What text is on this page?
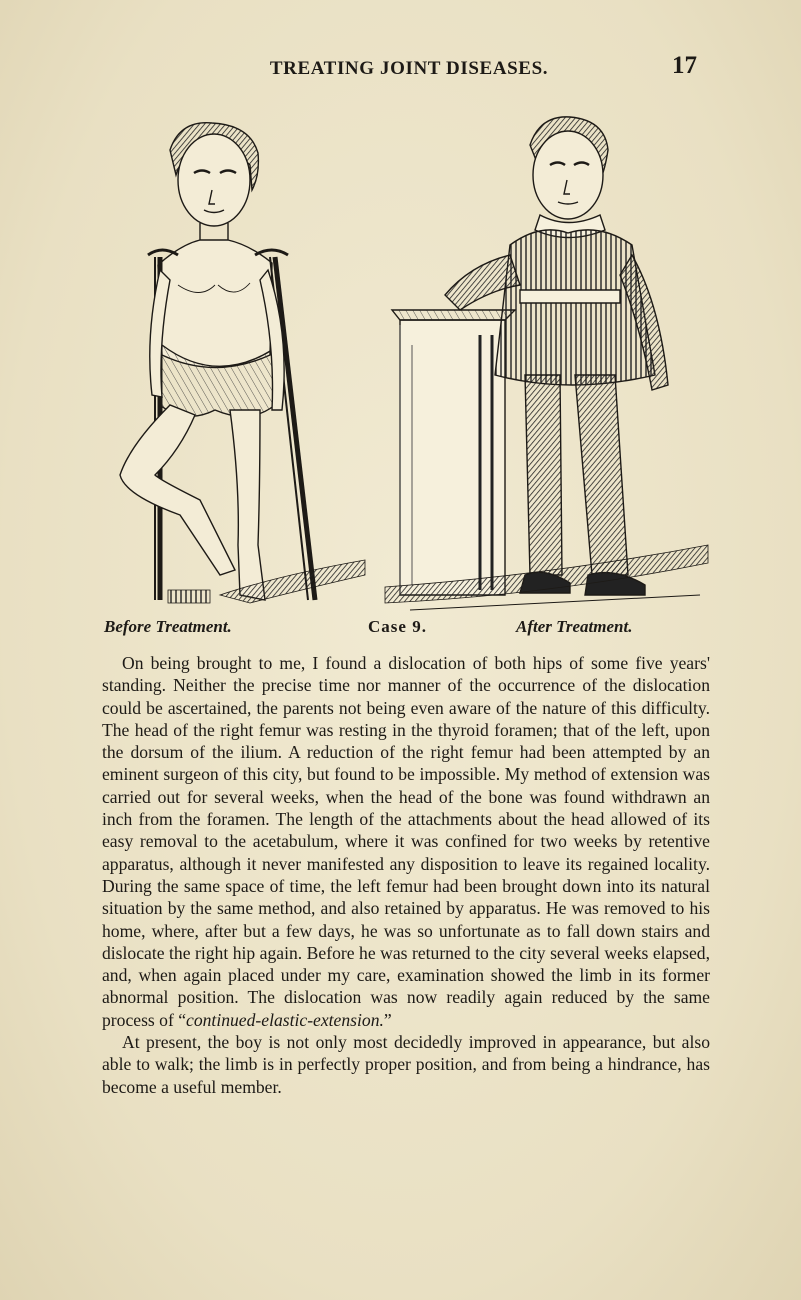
TREATING JOINT DISEASES.	17
Before Treatment.	Case 9.	After Treatment.

On being brought to me, I found a dislocation of both hips of some five years' standing. Neither the precise time nor manner of the occurrence of the dislocation could be ascertained, the parents not being even aware of the nature of this difficulty. The head of the right femur was resting in the thyroid foramen; that of the left, upon the dorsum of the ilium. A reduction of the right femur had been attempted by an eminent surgeon of this city, but found to be impossible. My method of extension was carried out for several weeks, when the head of the bone was found withdrawn an inch from the foramen. The length of the attachments about the head allowed of its easy removal to the acetabulum, where it was confined for two weeks by retentive apparatus, although it never manifested any disposition to leave its regained locality. During the same space of time, the left femur had been brought down into its natural situation by the same method, and also retained by apparatus. He was removed to his home, where, after but a few days, he was so unfortunate as to fall down stairs and dislocate the right hip again. Before he was returned to the city several weeks elapsed, and, when again placed under my care, examination showed the limb in its former abnormal position. The dislocation was now readily again reduced by the same process of “continued-elastic-extension.”

At present, the boy is not only most decidedly improved in appearance, but also able to walk; the limb is in perfectly proper position, and from being a hindrance, has become a useful member.
